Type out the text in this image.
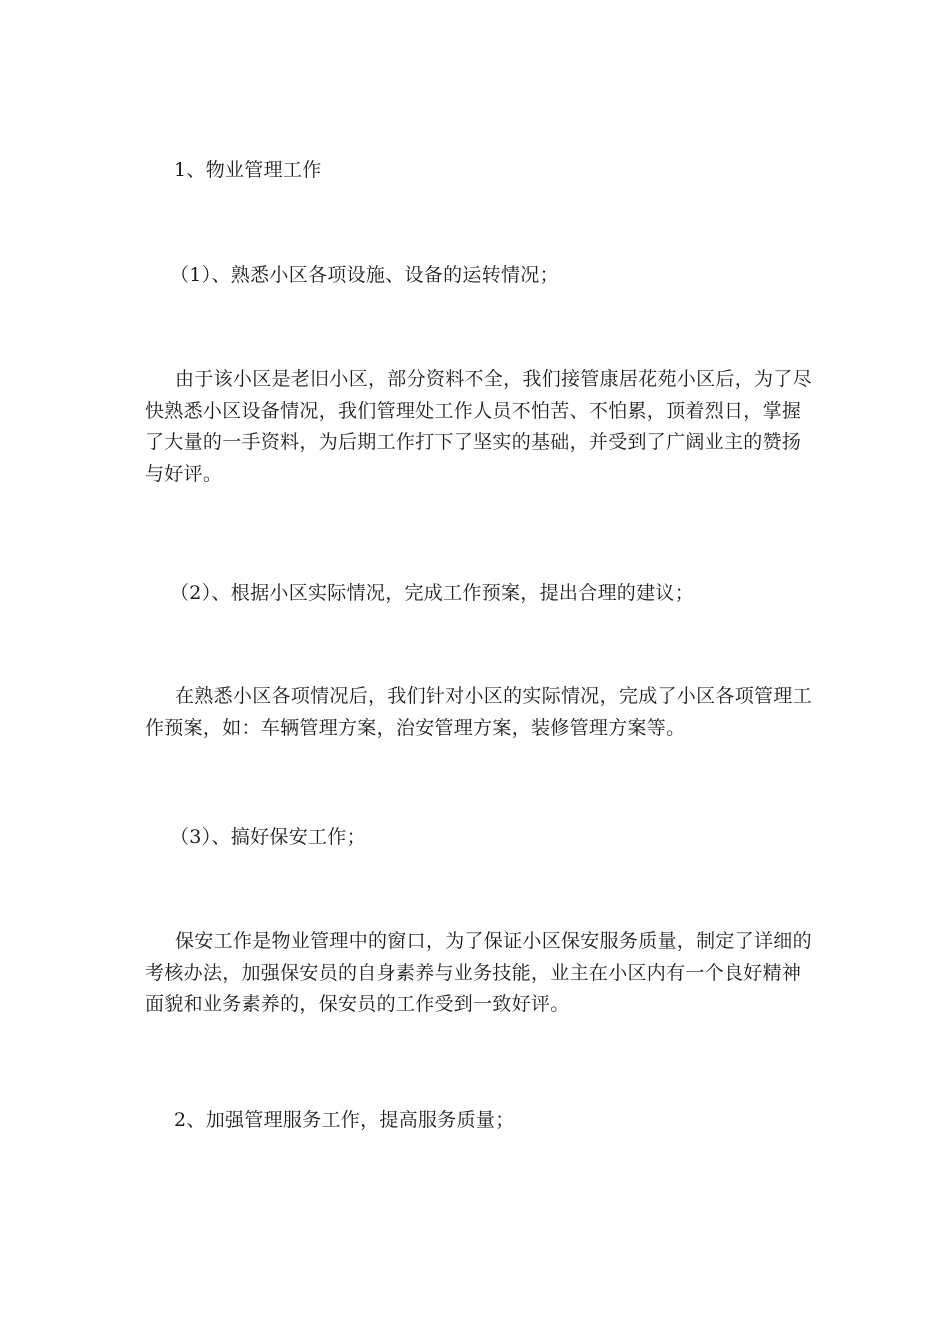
1、物业管理工作
（1）、熟悉小区各项设施、设备的运转情况；
由于该小区是老旧小区，部分资料不全，我们接管康居花苑小区后，为了尽快熟悉小区设备情况，我们管理处工作人员不怕苦、不怕累，顶着烈日，掌握了大量的一手资料，为后期工作打下了坚实的基础，并受到了广阔业主的赞扬与好评。
（2）、根据小区实际情况，完成工作预案，提出合理的建议；
在熟悉小区各项情况后，我们针对小区的实际情况，完成了小区各项管理工作预案，如：车辆管理方案，治安管理方案，装修管理方案等。
（3）、搞好保安工作；
保安工作是物业管理中的窗口，为了保证小区保安服务质量，制定了详细的考核办法，加强保安员的自身素养与业务技能，业主在小区内有一个良好精神面貌和业务素养的，保安员的工作受到一致好评。
2、加强管理服务工作，提高服务质量；
